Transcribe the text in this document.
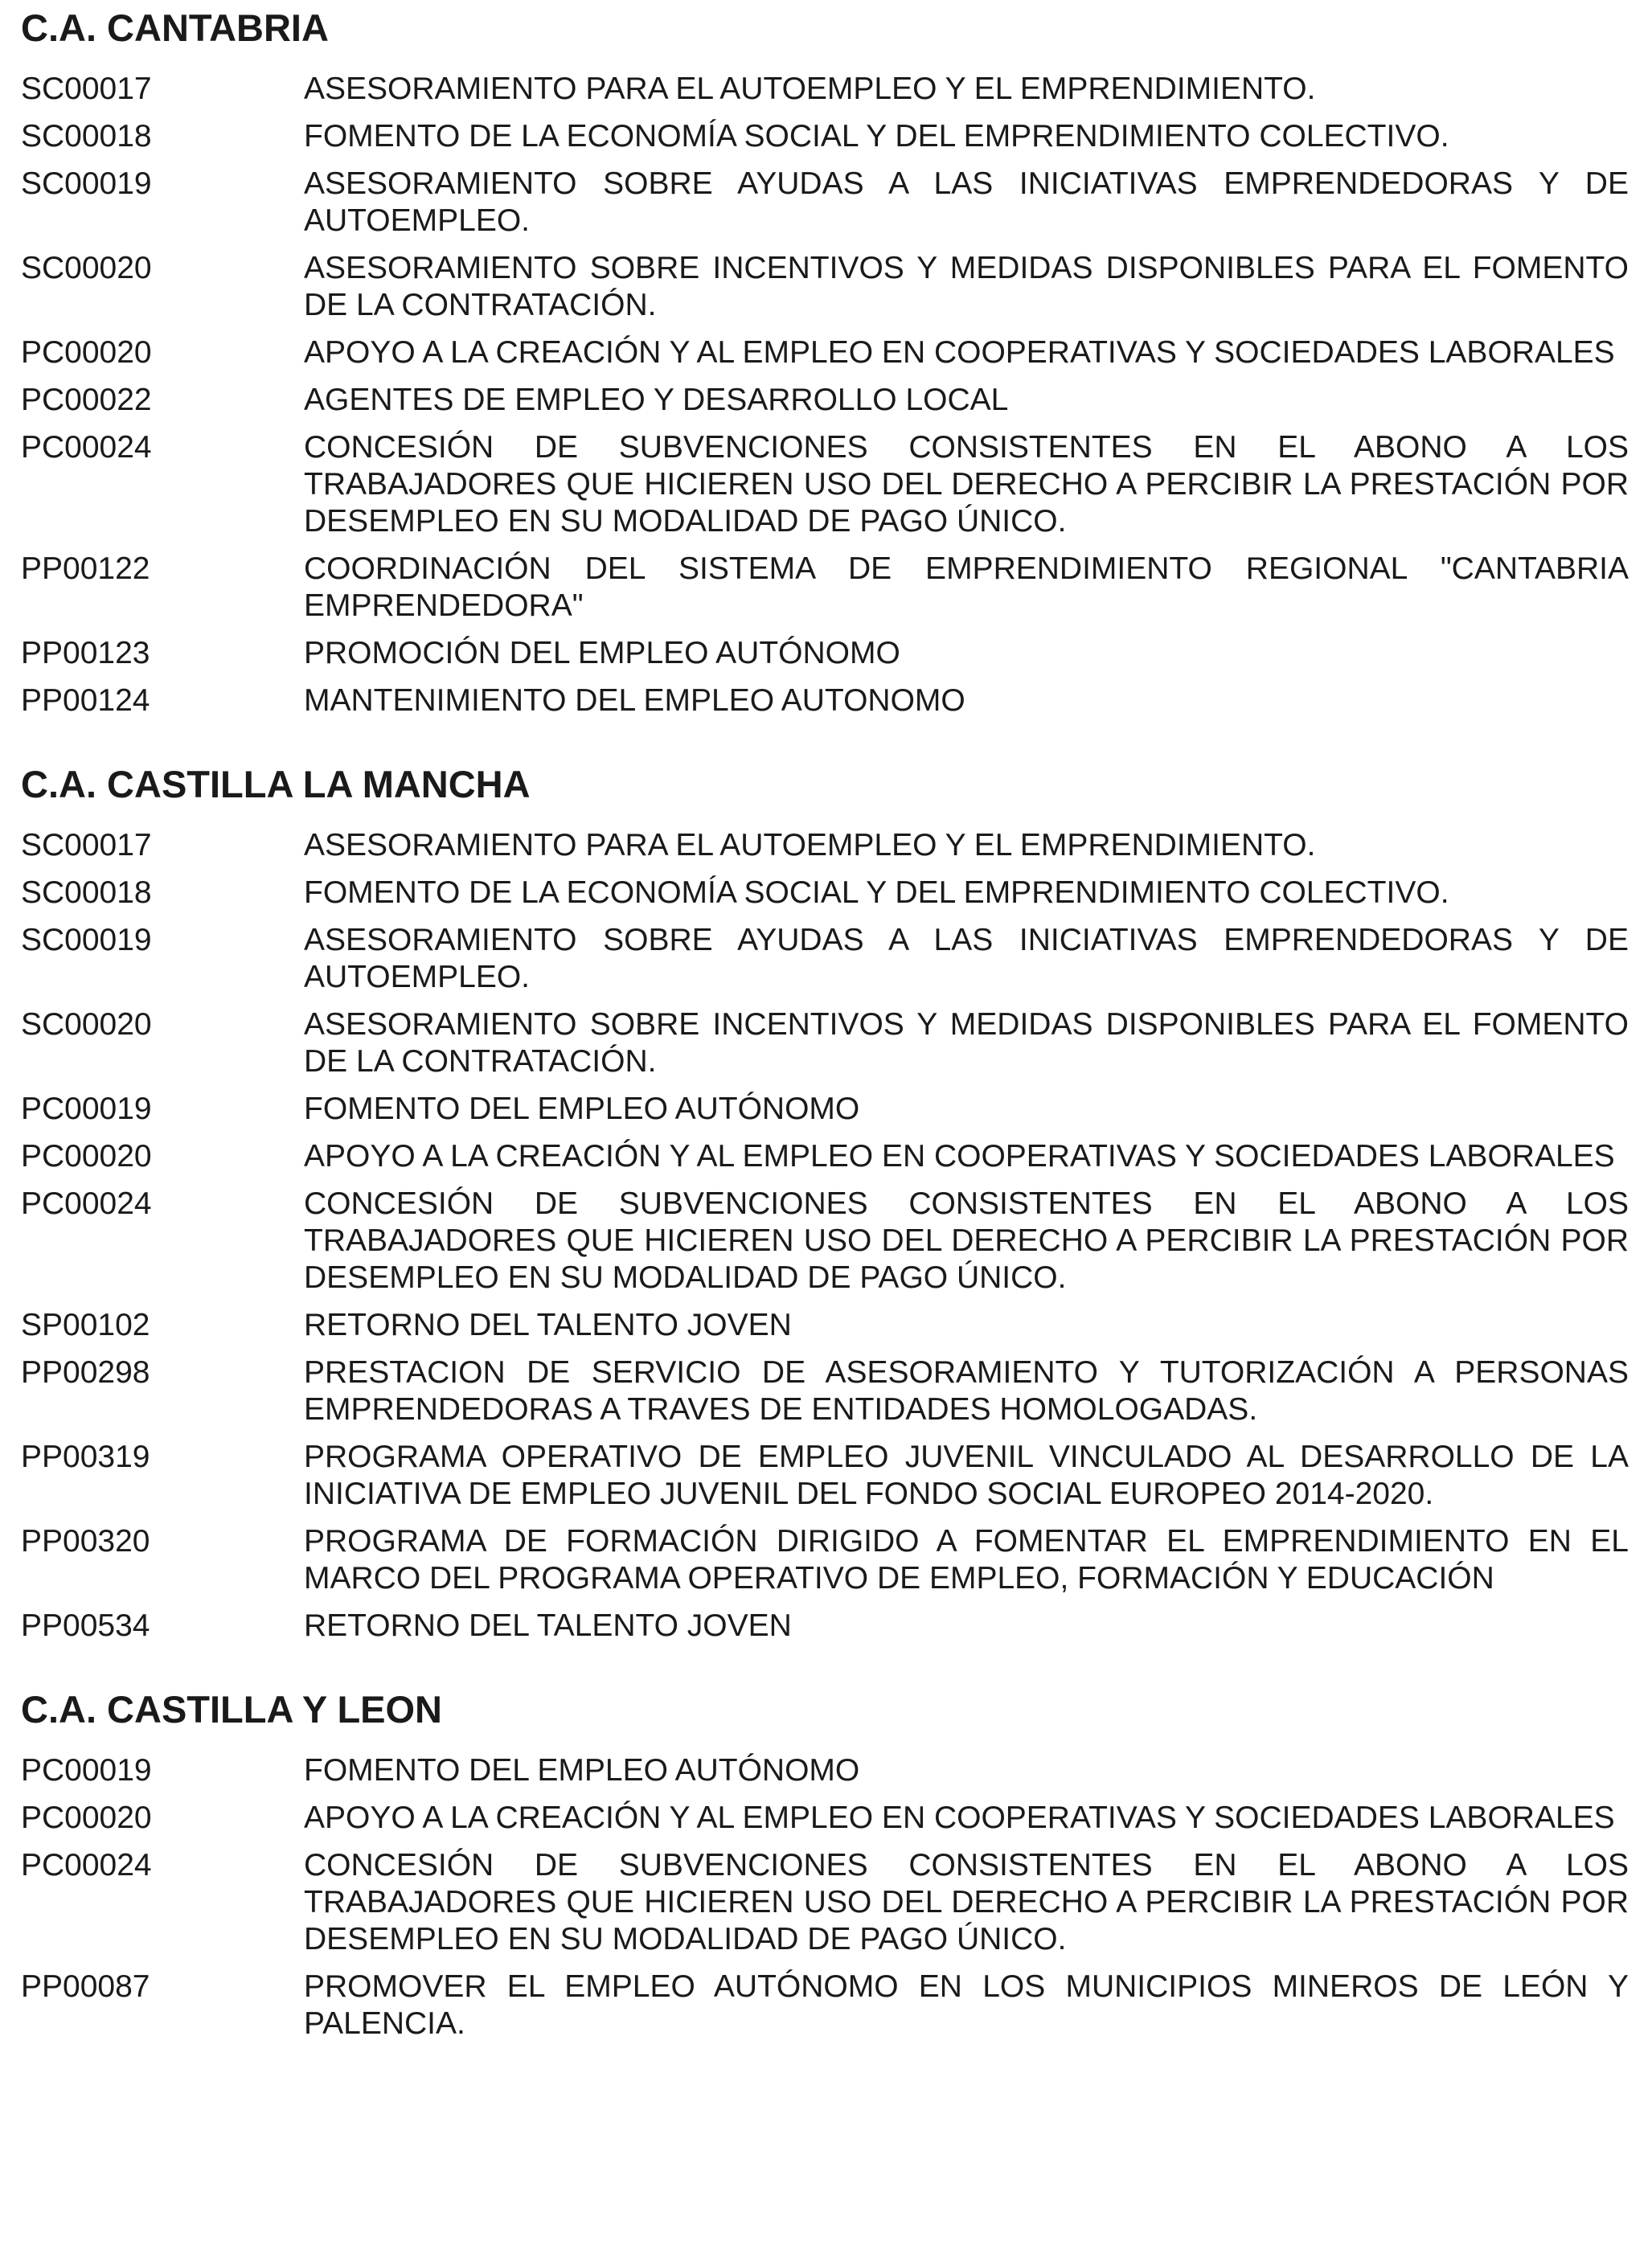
C.A. CANTABRIA
SC00017	ASESORAMIENTO PARA EL AUTOEMPLEO Y EL EMPRENDIMIENTO.
SC00018	FOMENTO DE LA ECONOMÍA SOCIAL Y DEL EMPRENDIMIENTO COLECTIVO.
SC00019	ASESORAMIENTO SOBRE AYUDAS A LAS INICIATIVAS EMPRENDEDORAS Y DE AUTOEMPLEO.
SC00020	ASESORAMIENTO SOBRE INCENTIVOS Y MEDIDAS DISPONIBLES PARA EL FOMENTO DE LA CONTRATACIÓN.
PC00020	APOYO A LA CREACIÓN Y AL EMPLEO EN COOPERATIVAS Y SOCIEDADES LABORALES
PC00022	AGENTES DE EMPLEO Y DESARROLLO LOCAL
PC00024	CONCESIÓN DE SUBVENCIONES CONSISTENTES EN EL ABONO A LOS TRABAJADORES QUE HICIEREN USO DEL DERECHO A PERCIBIR LA PRESTACIÓN POR DESEMPLEO EN SU MODALIDAD DE PAGO ÚNICO.
PP00122	COORDINACIÓN DEL SISTEMA DE EMPRENDIMIENTO REGIONAL "CANTABRIA EMPRENDEDORA"
PP00123	PROMOCIÓN DEL EMPLEO AUTÓNOMO
PP00124	MANTENIMIENTO DEL EMPLEO AUTONOMO
C.A. CASTILLA LA MANCHA
SC00017	ASESORAMIENTO PARA EL AUTOEMPLEO Y EL EMPRENDIMIENTO.
SC00018	FOMENTO DE LA ECONOMÍA SOCIAL Y DEL EMPRENDIMIENTO COLECTIVO.
SC00019	ASESORAMIENTO SOBRE AYUDAS A LAS INICIATIVAS EMPRENDEDORAS Y DE AUTOEMPLEO.
SC00020	ASESORAMIENTO SOBRE INCENTIVOS Y MEDIDAS DISPONIBLES PARA EL FOMENTO DE LA CONTRATACIÓN.
PC00019	FOMENTO DEL EMPLEO AUTÓNOMO
PC00020	APOYO A LA CREACIÓN Y AL EMPLEO EN COOPERATIVAS Y SOCIEDADES LABORALES
PC00024	CONCESIÓN DE SUBVENCIONES CONSISTENTES EN EL ABONO A LOS TRABAJADORES QUE HICIEREN USO DEL DERECHO A PERCIBIR LA PRESTACIÓN POR DESEMPLEO EN SU MODALIDAD DE PAGO ÚNICO.
SP00102	RETORNO DEL TALENTO JOVEN
PP00298	PRESTACION DE SERVICIO DE ASESORAMIENTO Y TUTORIZACIÓN A PERSONAS EMPRENDEDORAS A TRAVES DE ENTIDADES HOMOLOGADAS.
PP00319	PROGRAMA OPERATIVO DE EMPLEO JUVENIL VINCULADO AL DESARROLLO DE LA INICIATIVA DE EMPLEO JUVENIL DEL FONDO SOCIAL EUROPEO 2014-2020.
PP00320	PROGRAMA DE FORMACIÓN DIRIGIDO A FOMENTAR EL EMPRENDIMIENTO EN EL MARCO DEL PROGRAMA OPERATIVO DE EMPLEO, FORMACIÓN Y EDUCACIÓN
PP00534	RETORNO DEL TALENTO JOVEN
C.A. CASTILLA Y LEON
PC00019	FOMENTO DEL EMPLEO AUTÓNOMO
PC00020	APOYO A LA CREACIÓN Y AL EMPLEO EN COOPERATIVAS Y SOCIEDADES LABORALES
PC00024	CONCESIÓN DE SUBVENCIONES CONSISTENTES EN EL ABONO A LOS TRABAJADORES QUE HICIEREN USO DEL DERECHO A PERCIBIR LA PRESTACIÓN POR DESEMPLEO EN SU MODALIDAD DE PAGO ÚNICO.
PP00087	PROMOVER EL EMPLEO AUTÓNOMO EN LOS MUNICIPIOS MINEROS DE LEÓN Y PALENCIA.
